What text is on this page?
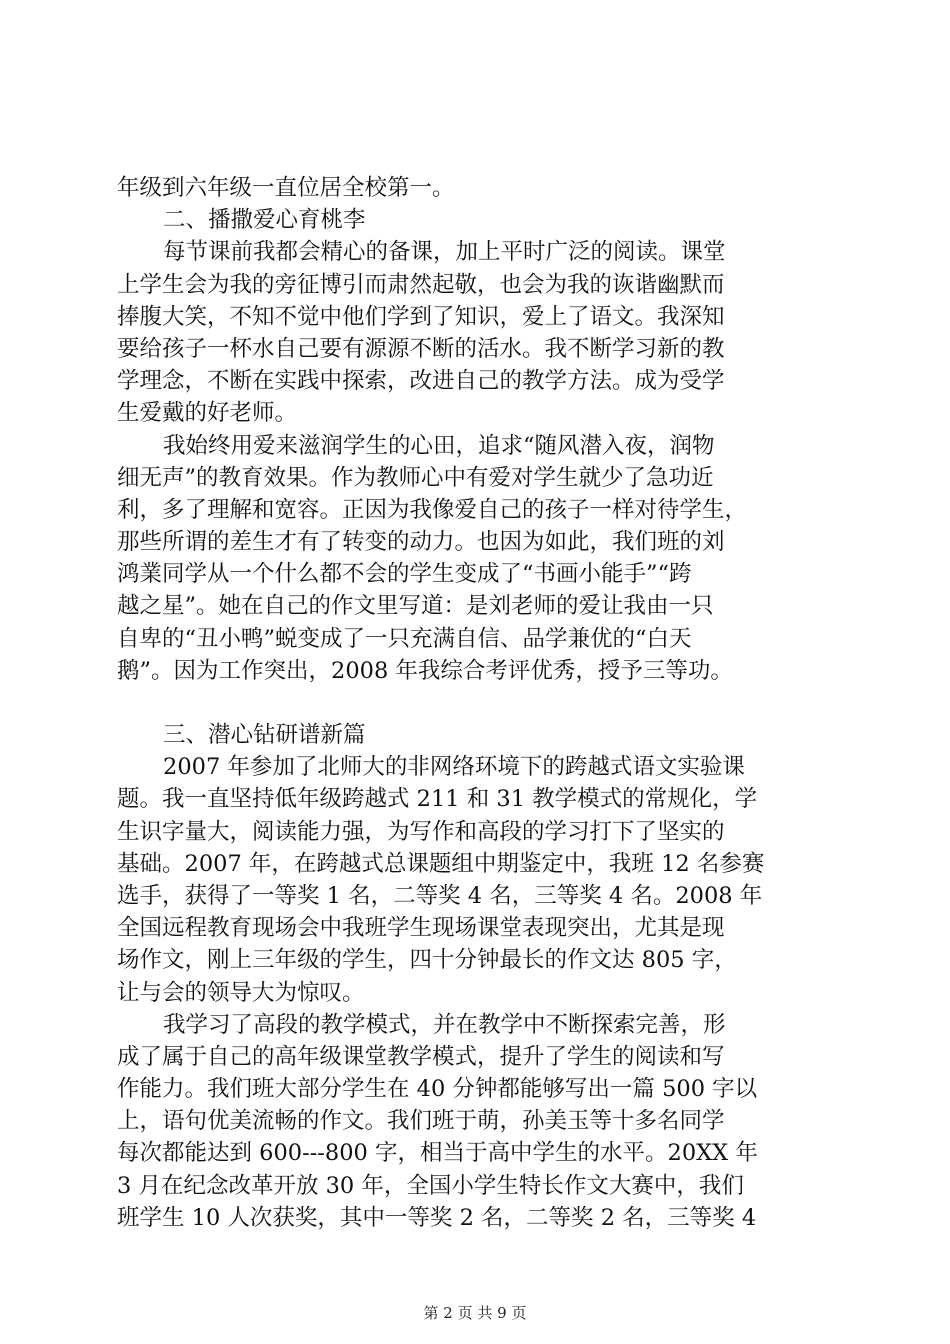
年级到六年级一直位居全校第一。
二、播撒爱心育桃李
每节课前我都会精心的备课，加上平时广泛的阅读。课堂
上学生会为我的旁征博引而肃然起敬，也会为我的诙谐幽默而
捧腹大笑，不知不觉中他们学到了知识，爱上了语文。我深知
要给孩子一杯水自己要有源源不断的活水。我不断学习新的教
学理念，不断在实践中探索，改进自己的教学方法。成为受学
生爱戴的好老师。
我始终用爱来滋润学生的心田，追求“随风潜入夜，润物
细无声”的教育效果。作为教师心中有爱对学生就少了急功近
利，多了理解和宽容。正因为我像爱自己的孩子一样对待学生，
那些所谓的差生才有了转变的动力。也因为如此，我们班的刘
鸿業同学从一个什么都不会的学生变成了“书画小能手”“跨
越之星”。她在自己的作文里写道：是刘老师的爱让我由一只
自卑的“丑小鸭”蜕变成了一只充满自信、品学兼优的“白天
鹅”。因为工作突出，2008 年我综合考评优秀，授予三等功。
三、潜心钻研谱新篇
2007 年参加了北师大的非网络环境下的跨越式语文实验课
题。我一直坚持低年级跨越式 211 和 31 教学模式的常规化，学
生识字量大，阅读能力强，为写作和高段的学习打下了坚实的
基础。2007 年，在跨越式总课题组中期鉴定中，我班 12 名参赛
选手，获得了一等奖 1 名，二等奖 4 名，三等奖 4 名。2008 年
全国远程教育现场会中我班学生现场课堂表现突出，尤其是现
场作文，刚上三年级的学生，四十分钟最长的作文达 805 字，
让与会的领导大为惊叹。
我学习了高段的教学模式，并在教学中不断探索完善，形
成了属于自己的高年级课堂教学模式，提升了学生的阅读和写
作能力。我们班大部分学生在 40 分钟都能够写出一篇 500 字以
上，语句优美流畅的作文。我们班于萌，孙美玉等十多名同学
每次都能达到 600---800 字，相当于高中学生的水平。20XX 年
3 月在纪念改革开放 30 年，全国小学生特长作文大赛中，我们
班学生 10 人次获奖，其中一等奖 2 名，二等奖 2 名，三等奖 4
第 2 页 共 9 页
